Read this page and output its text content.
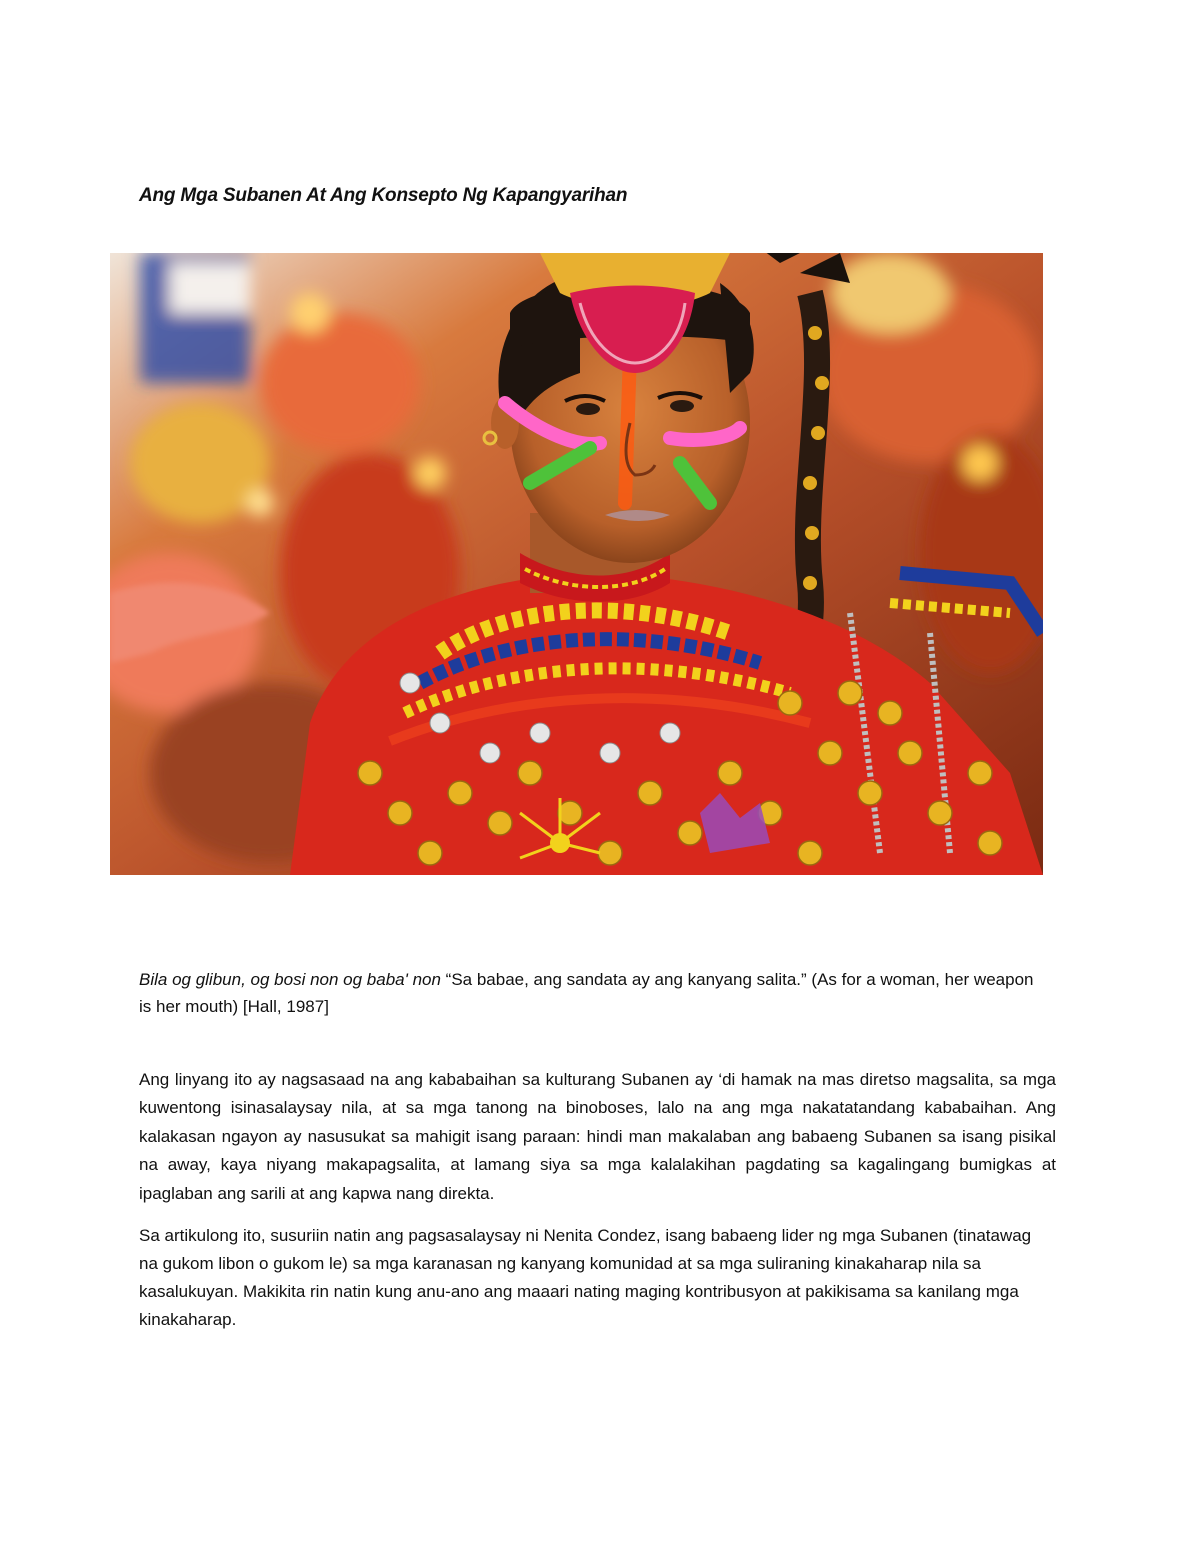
Ang Mga Subanen At Ang Konsepto Ng Kapangyarihan
Bila og glibun, og bosi non og baba' non “Sa babae, ang sandata ay ang kanyang salita.” (As for a woman, her weapon is her mouth) [Hall, 1987]

Ang linyang ito ay nagsasaad na ang kababaihan sa kulturang Subanen ay ‘di hamak na mas diretso magsalita, sa mga kuwentong isinasalaysay nila, at sa mga tanong na binoboses, lalo na ang mga nakatatandang kababaihan. Ang kalakasan ngayon ay nasusukat sa mahigit isang paraan: hindi man makalaban ang babaeng Subanen sa isang pisikal na away, kaya niyang makapagsalita, at lamang siya sa mga kalalakihan pagdating sa kagalingang bumigkas at ipaglaban ang sarili at ang kapwa nang direkta.

Sa artikulong ito, susuriin natin ang pagsasalaysay ni Nenita Condez, isang babaeng lider ng mga Subanen (tinatawag na gukom libon o gukom le) sa mga karanasan ng kanyang komunidad at sa mga suliraning kinakaharap nila sa kasalukuyan. Makikita rin natin kung anu-ano ang maaari nating maging kontribusyon at pakikisama sa kanilang mga kinakaharap.
